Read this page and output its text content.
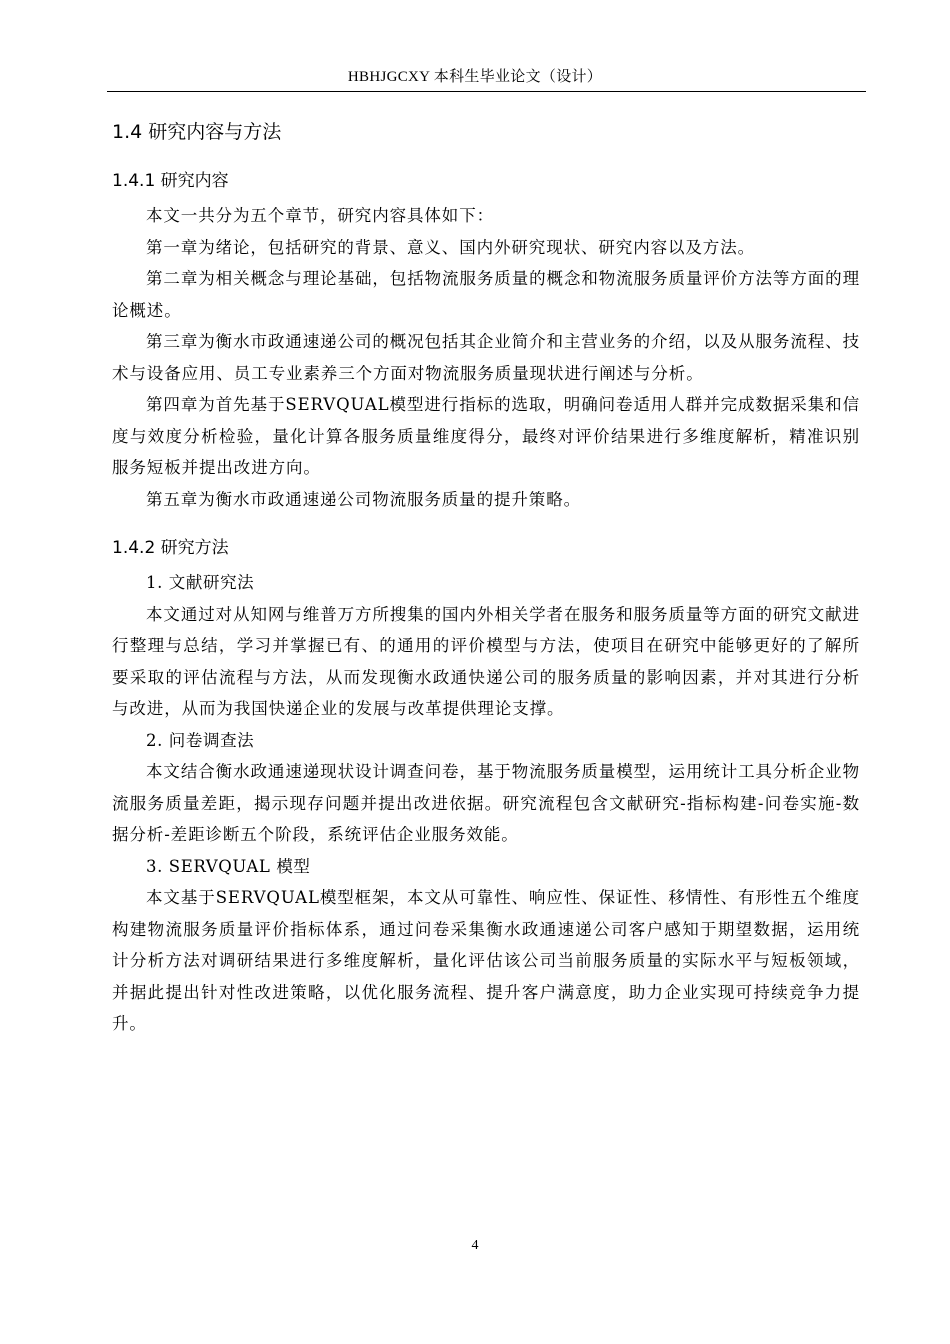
HBHJGCXY 本科生毕业论文（设计）
1.4 研究内容与方法
1.4.1 研究内容

本文一共分为五个章节，研究内容具体如下：

第一章为绪论，包括研究的背景、意义、国内外研究现状、研究内容以及方法。

第二章为相关概念与理论基础，包括物流服务质量的概念和物流服务质量评价方法等方面的理论概述。

第三章为衡水市政通速递公司的概况包括其企业简介和主营业务的介绍，以及从服务流程、技术与设备应用、员工专业素养三个方面对物流服务质量现状进行阐述与分析。

第四章为首先基于SERVQUAL模型进行指标的选取，明确问卷适用人群并完成数据采集和信度与效度分析检验，量化计算各服务质量维度得分，最终对评价结果进行多维度解析，精准识别服务短板并提出改进方向。

第五章为衡水市政通速递公司物流服务质量的提升策略。

1.4.2 研究方法

1. 文献研究法

本文通过对从知网与维普万方所搜集的国内外相关学者在服务和服务质量等方面的研究文献进行整理与总结，学习并掌握已有、的通用的评价模型与方法，使项目在研究中能够更好的了解所要采取的评估流程与方法，从而发现衡水政通快递公司的服务质量的影响因素，并对其进行分析与改进，从而为我国快递企业的发展与改革提供理论支撑。

2. 问卷调查法

本文结合衡水政通速递现状设计调查问卷，基于物流服务质量模型，运用统计工具分析企业物流服务质量差距，揭示现存问题并提出改进依据。研究流程包含文献研究-指标构建-问卷实施-数据分析-差距诊断五个阶段，系统评估企业服务效能。

3. SERVQUAL 模型

本文基于SERVQUAL模型框架，本文从可靠性、响应性、保证性、移情性、有形性五个维度构建物流服务质量评价指标体系，通过问卷采集衡水政通速递公司客户感知于期望数据，运用统计分析方法对调研结果进行多维度解析，量化评估该公司当前服务质量的实际水平与短板领域，并据此提出针对性改进策略，以优化服务流程、提升客户满意度，助力企业实现可持续竞争力提升。

4
